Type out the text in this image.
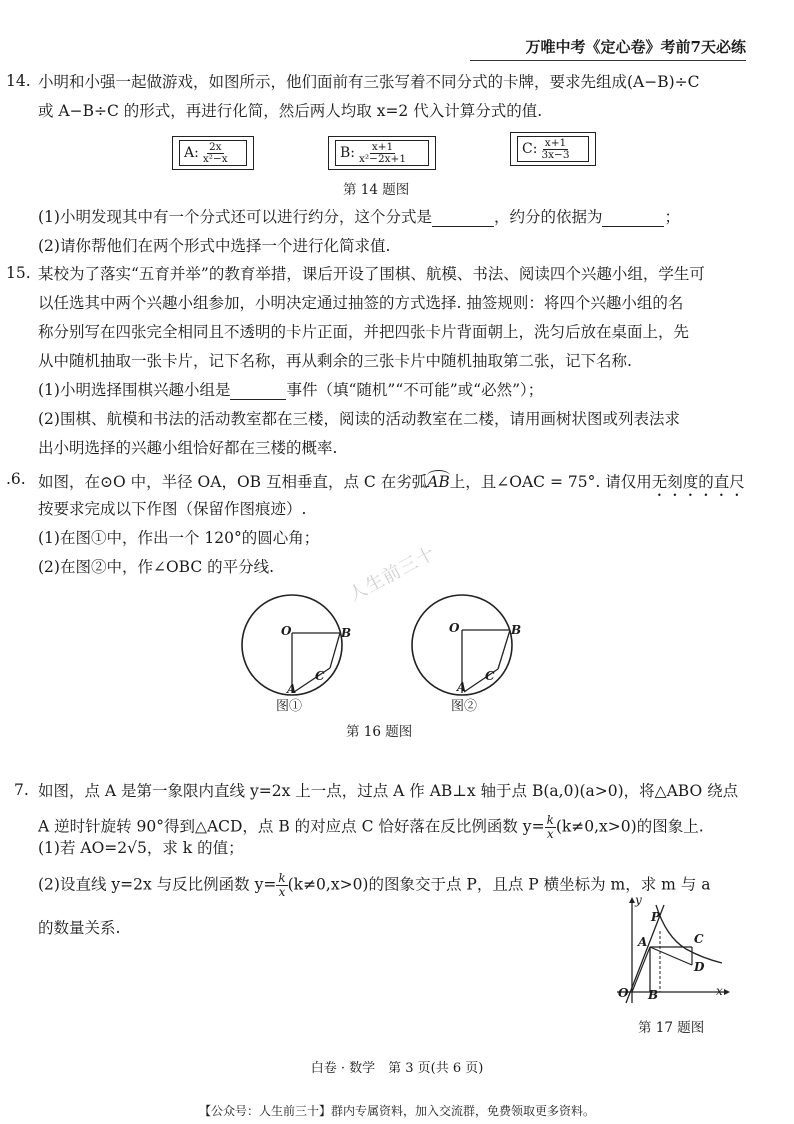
万唯中考《定心卷》考前7天必练
14. 小明和小强一起做游戏，如图所示，他们面前有三张写着不同分式的卡牌，要求先组成(A−B)÷C
或 A−B÷C 的形式，再进行化简，然后两人均取 x=2 代入计算分式的值.
A: $\frac{2x}{\text{x²−x}}$	B: $\frac{x+1}{\text{x²−2x+1}}$	C: $\frac{x+1}{3x-3}$
第 14 题图
(1)小明发现其中有一个分式还可以进行约分，这个分式是	，约分的依据为	；
(2)请你帮他们在两个形式中选择一个进行化简求值.
15. 某校为了落实“五育并举”的教育举措，课后开设了围棋、航模、书法、阅读四个兴趣小组，学生可
以任选其中两个兴趣小组参加，小明决定通过抽签的方式选择. 抽签规则：将四个兴趣小组的名
称分别写在四张完全相同且不透明的卡片正面，并把四张卡片背面朝上，洗匀后放在桌面上，先
从中随机抽取一张卡片，记下名称，再从剩余的三张卡片中随机抽取第二张，记下名称.
(1)小明选择围棋兴趣小组是	事件（填“随机”“不可能”或“必然”）；
(2)围棋、航模和书法的活动教室都在三楼，阅读的活动教室在二楼，请用画树状图或列表法求
出小明选择的兴趣小组恰好都在三楼的概率.
.6. 如图，在⊙O 中，半径 OA，OB 互相垂直，点 C 在劣弧AB上，且∠OAC = 75°. 请仅用无刻度的直尺
按要求完成以下作图（保留作图痕迹）.
(1)在图①中，作出一个 120°的圆心角；
(2)在图②中，作∠OBC 的平分线.	人生前三十
O	B
C
A
O	B
C
A
图①	图②
第 16 题图
7. 如图，点 A 是第一象限内直线 y=2x 上一点，过点 A 作 AB⊥x 轴于点 B(a,0)(a>0)，将△ABO 绕点
A 逆时针旋转 90°得到△ACD，点 B 的对应点 C 恰好落在反比例函数 $y= \frac{k}{x} (k\ne 0,x>0)$的图象上.
(1)若 AO=2√5，求 k 的值；
(2)设直线 y=2x 与反比例函数 $y= \frac{k}{x} (k\ne 0,x>0)$的图象交于点 P，且点 P 横坐标为 m，求 m 与 a
的数量关系.
y
P
A	C
D
O B	x
第 17 题图
白卷 · 数学　第 3 页(共 6 页)
【公众号：人生前三十】群内专属资料，加入交流群，免费领取更多资料。
